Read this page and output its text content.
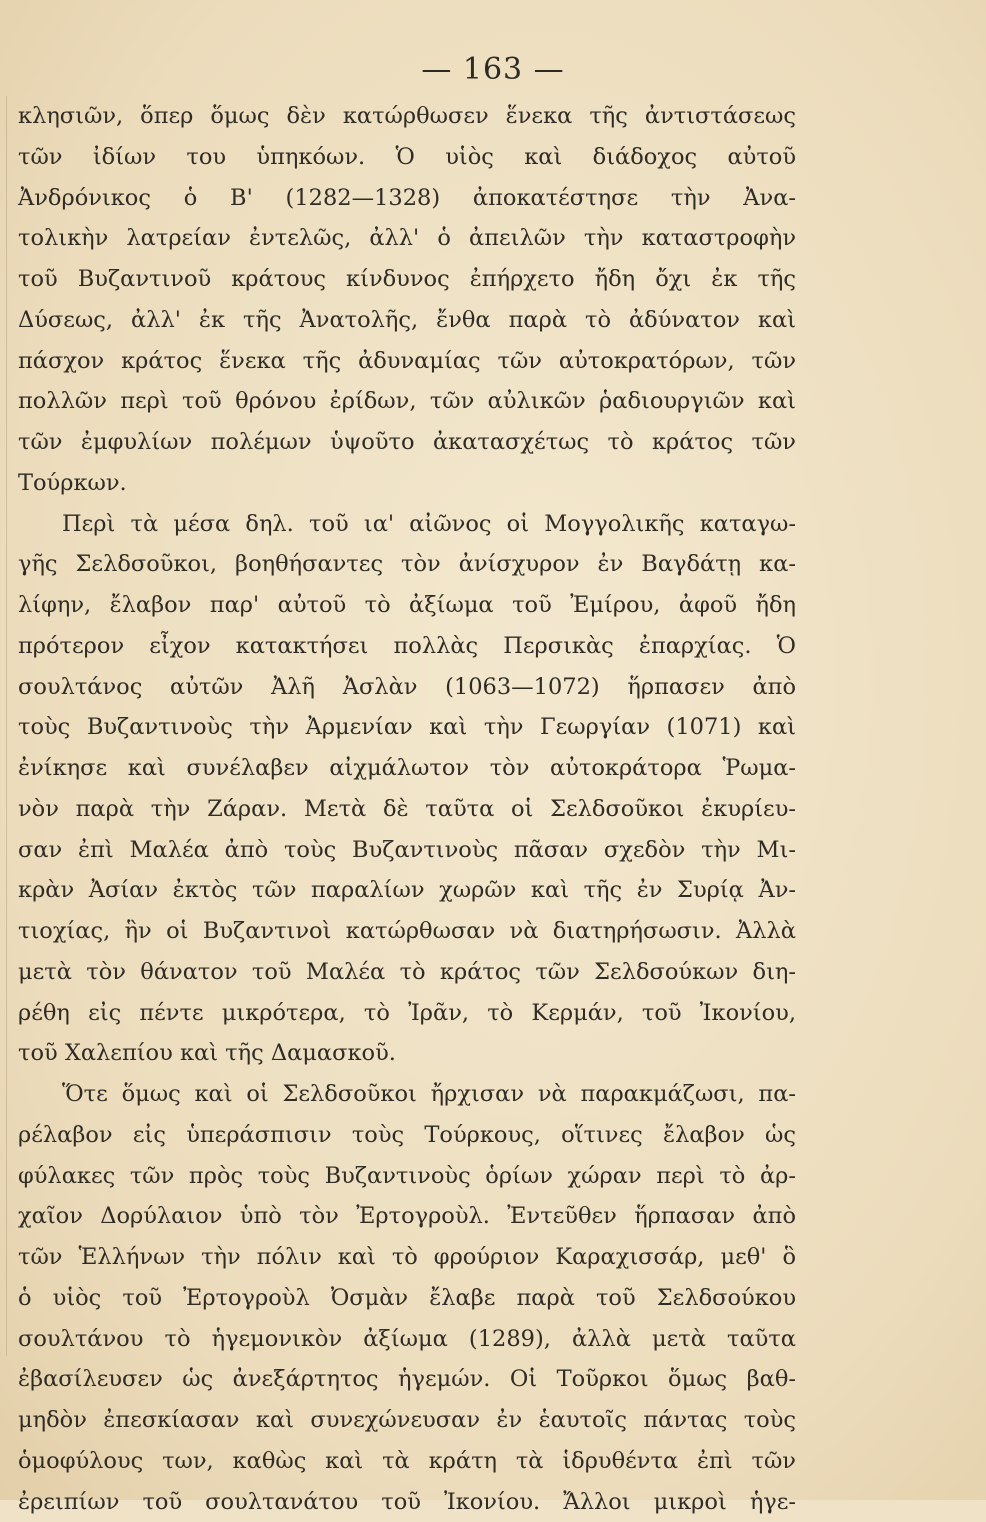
— 163 —
κλησιῶν, ὅπερ ὅμως δὲν κατώρθωσεν ἕνεκα τῆς ἀντιστάσεως
τῶν ἰδίων του ὑπηκόων. Ὁ υἱὸς καὶ διάδοχος αὐτοῦ
Ἀνδρόνικος ὁ Β' (1282—1328) ἀποκατέστησε τὴν Ἀνα-
τολικὴν λατρείαν ἐντελῶς, ἀλλ' ὁ ἀπειλῶν τὴν καταστροφὴν
τοῦ Βυζαντινοῦ κράτους κίνδυνος ἐπήρχετο ἤδη ὄχι ἐκ τῆς
Δύσεως, ἀλλ' ἐκ τῆς Ἀνατολῆς, ἔνθα παρὰ τὸ ἀδύνατον καὶ
πάσχον κράτος ἕνεκα τῆς ἀδυναμίας τῶν αὐτοκρατόρων, τῶν
πολλῶν περὶ τοῦ θρόνου ἐρίδων, τῶν αὐλικῶν ῥαδιουργιῶν καὶ
τῶν ἐμφυλίων πολέμων ὑψοῦτο ἀκατασχέτως τὸ κράτος τῶν
Τούρκων.
Περὶ τὰ μέσα δηλ. τοῦ ια' αἰῶνος οἱ Μογγολικῆς καταγω-
γῆς Σελδσοῦκοι, βοηθήσαντες τὸν ἀνίσχυρον ἐν Βαγδάτῃ κα-
λίφην, ἔλαβον παρ' αὐτοῦ τὸ ἀξίωμα τοῦ Ἐμίρου, ἀφοῦ ἤδη
πρότερον εἶχον κατακτήσει πολλὰς Περσικὰς ἐπαρχίας. Ὁ
σουλτάνος αὐτῶν Ἀλῆ Ἀσλὰν (1063—1072) ἥρπασεν ἀπὸ
τοὺς Βυζαντινοὺς τὴν Ἀρμενίαν καὶ τὴν Γεωργίαν (1071) καὶ
ἐνίκησε καὶ συνέλαβεν αἰχμάλωτον τὸν αὐτοκράτορα Ῥωμα-
νὸν παρὰ τὴν Ζάραν. Μετὰ δὲ ταῦτα οἱ Σελδσοῦκοι ἐκυρίευ-
σαν ἐπὶ Μαλέα ἀπὸ τοὺς Βυζαντινοὺς πᾶσαν σχεδὸν τὴν Μι-
κρὰν Ἀσίαν ἐκτὸς τῶν παραλίων χωρῶν καὶ τῆς ἐν Συρίᾳ Ἀν-
τιοχίας, ἣν οἱ Βυζαντινοὶ κατώρθωσαν νὰ διατηρήσωσιν. Ἀλλὰ
μετὰ τὸν θάνατον τοῦ Μαλέα τὸ κράτος τῶν Σελδσούκων διη-
ρέθη εἰς πέντε μικρότερα, τὸ Ἰρᾶν, τὸ Κερμάν, τοῦ Ἰκονίου,
τοῦ Χαλεπίου καὶ τῆς Δαμασκοῦ.
Ὅτε ὅμως καὶ οἱ Σελδσοῦκοι ἤρχισαν νὰ παρακμάζωσι, πα-
ρέλαβον εἰς ὑπεράσπισιν τοὺς Τούρκους, οἵτινες ἔλαβον ὡς
φύλακες τῶν πρὸς τοὺς Βυζαντινοὺς ὁρίων χώραν περὶ τὸ ἀρ-
χαῖον Δορύλαιον ὑπὸ τὸν Ἐρτογροὺλ. Ἐντεῦθεν ἥρπασαν ἀπὸ
τῶν Ἑλλήνων τὴν πόλιν καὶ τὸ φρούριον Καραχισσάρ, μεθ' ὃ
ὁ υἱὸς τοῦ Ἐρτογροὺλ Ὀσμὰν ἔλαβε παρὰ τοῦ Σελδσούκου
σουλτάνου τὸ ἡγεμονικὸν ἀξίωμα (1289), ἀλλὰ μετὰ ταῦτα
ἐβασίλευσεν ὡς ἀνεξάρτητος ἡγεμών. Οἱ Τοῦρκοι ὅμως βαθ-
μηδὸν ἐπεσκίασαν καὶ συνεχώνευσαν ἐν ἑαυτοῖς πάντας τοὺς
ὁμοφύλους των, καθὼς καὶ τὰ κράτη τὰ ἱδρυθέντα ἐπὶ τῶν
ἐρειπίων τοῦ σουλτανάτου τοῦ Ἰκονίου. Ἄλλοι μικροὶ ἡγε-
